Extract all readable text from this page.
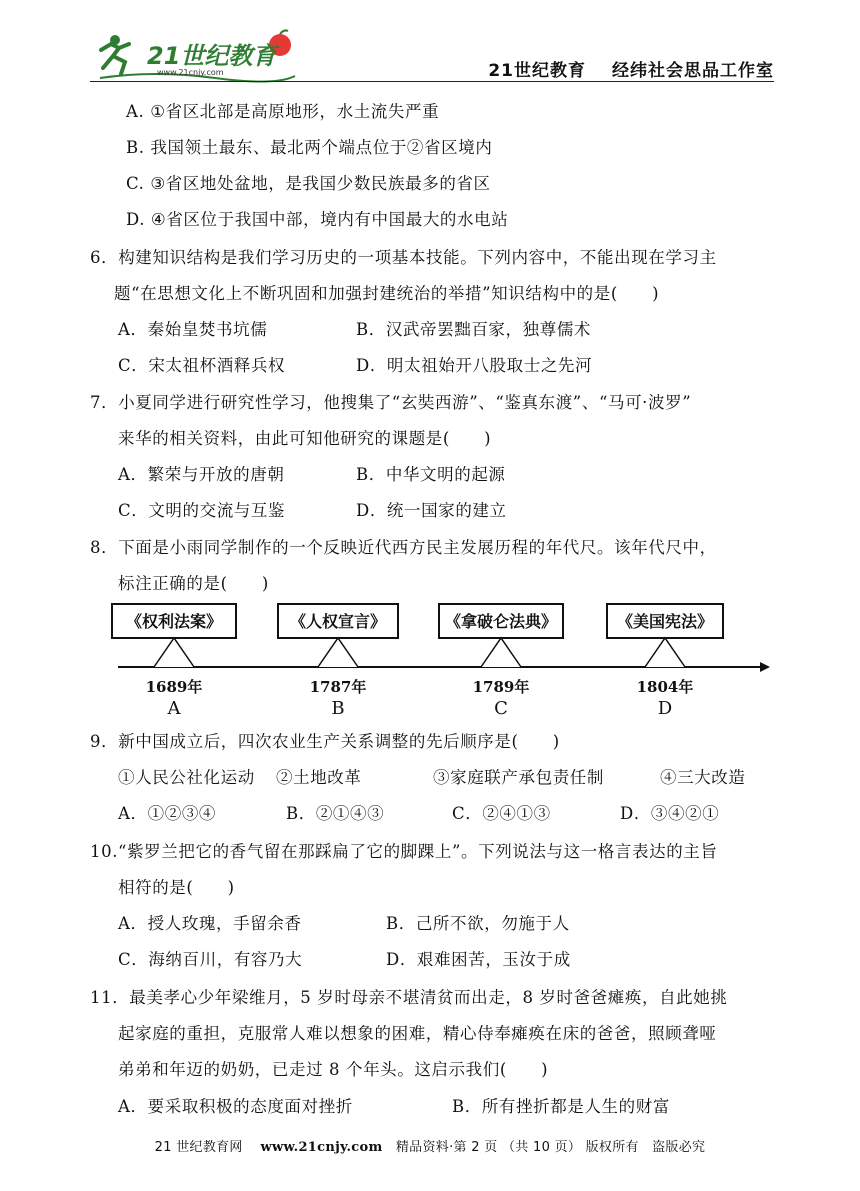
21世纪教育
www.21cnjy.com	21世纪教育 经纬社会思品工作室
A. ①省区北部是高原地形，水土流失严重
B. 我国领土最东、最北两个端点位于②省区境内
C. ③省区地处盆地，是我国少数民族最多的省区
D. ④省区位于我国中部，境内有中国最大的水电站
6．构建知识结构是我们学习历史的一项基本技能。下列内容中，不能出现在学习主
题“在思想文化上不断巩固和加强封建统治的举措”知识结构中的是(　　)
A．秦始皇焚书坑儒	B．汉武帝罢黜百家，独尊儒术
C．宋太祖杯酒释兵权	D．明太祖始开八股取士之先河
7．小夏同学进行研究性学习，他搜集了“玄奘西游”、“鉴真东渡”、“马可·波罗”
来华的相关资料，由此可知他研究的课题是(　　)
A．繁荣与开放的唐朝	B．中华文明的起源
C．文明的交流与互鉴	D．统一国家的建立
8．下面是小雨同学制作的一个反映近代西方民主发展历程的年代尺。该年代尺中，
标注正确的是(　　)
《权利法案》
1689年
A
《人权宣言》
1787年
B
《拿破仑法典》
1789年
C
《美国宪法》
1804年
D
9．新中国成立后，四次农业生产关系调整的先后顺序是(　　)
①人民公社化运动 ②土地改革	③家庭联产承包责任制	④三大改造
A．①②③④	B．②①④③	C．②④①③	D．③④②①
10.“紫罗兰把它的香气留在那踩扁了它的脚踝上”。下列说法与这一格言表达的主旨
相符的是(　　)
A．授人玫瑰，手留余香	B．己所不欲，勿施于人
C．海纳百川，有容乃大	D．艰难困苦，玉汝于成
11．最美孝心少年梁维月，5 岁时母亲不堪清贫而出走，8 岁时爸爸瘫痪，自此她挑
起家庭的重担，克服常人难以想象的困难，精心侍奉瘫痪在床的爸爸，照顾聋哑
弟弟和年迈的奶奶，已走过 8 个年头。这启示我们(　　)
A．要采取积极的态度面对挫折	B．所有挫折都是人生的财富
21 世纪教育网 www.21cnjy.com 精品资料·第 2 页 （共 10 页） 版权所有　盗版必究
